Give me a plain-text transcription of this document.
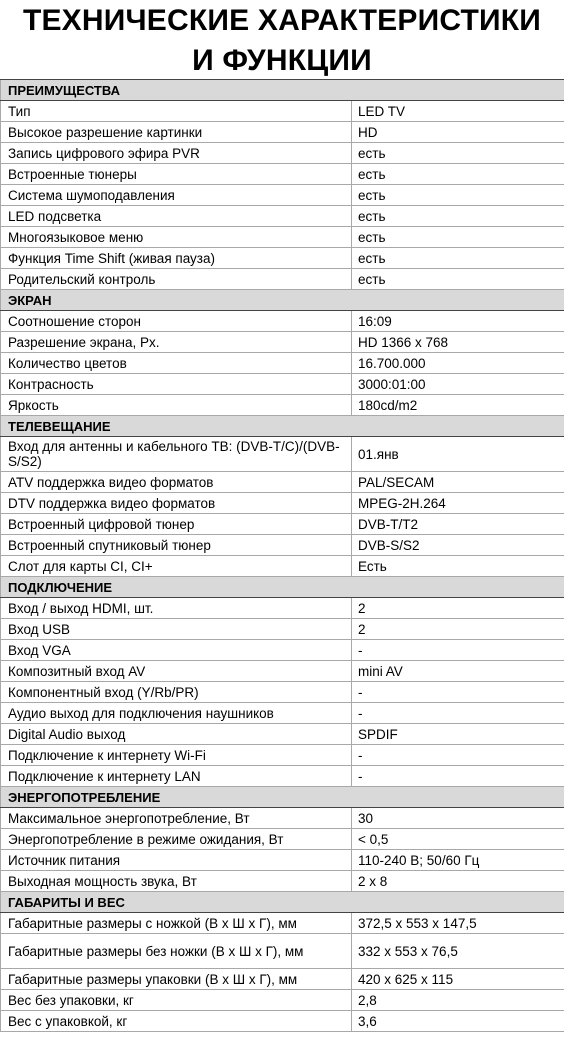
ТЕХНИЧЕСКИЕ ХАРАКТЕРИСТИКИ
И ФУНКЦИИ
ПРЕИМУЩЕСТВА	
Тип	LED TV
Высокое разрешение картинки	HD
Запись цифрового эфира PVR	есть
Встроенные тюнеры	есть
Система шумоподавления	есть
LED подсветка	есть
Многоязыковое меню	есть
Функция Time Shift (живая пауза)	есть
Родительский контроль	есть
ЭКРАН	
Соотношение сторон	16:09
Разрешение экрана, Px.	HD 1366 x 768
Количество цветов	16.700.000
Контрасность	3000:01:00
Яркость	180cd/m2
ТЕЛЕВЕЩАНИЕ	
Вход для антенны и кабельного ТВ: (DVB-T/C)/(DVB-S/S2)	01.янв
ATV поддержка видео форматов	PAL/SECAM
DTV поддержка видео форматов	MPEG-2H.264
Встроенный цифровой тюнер	DVB-T/T2
Встроенный спутниковый тюнер	DVB-S/S2
Слот для карты CI, CI+	Есть
ПОДКЛЮЧЕНИЕ	
Вход / выход HDMI, шт.	2
Вход USB	2
Вход VGA	-
Композитный вход AV	mini AV
Компонентный вход (Y/Rb/PR)	-
Аудио выход для подключения наушников	-
Digital Audio выход	SPDIF
Подключение к интернету Wi-Fi	-
Подключение к интернету LAN	-
ЭНЕРГОПОТРЕБЛЕНИЕ	
Максимальное энергопотребление, Вт	30
Энергопотребление в режиме ожидания, Вт	< 0,5
Источник питания	110-240 В; 50/60 Гц
Выходная мощность звука, Вт	2 x 8
ГАБАРИТЫ И ВЕС	
Габаритные размеры с ножкой (В х Ш х Г), мм	372,5 x 553 x 147,5
Габаритные размеры без ножки (В х Ш х Г), мм	332 x 553 x 76,5
Габаритные размеры упаковки (В х Ш х Г), мм	420 x 625 x 115
Вес без упаковки, кг	2,8
Вес с упаковкой, кг	3,6
